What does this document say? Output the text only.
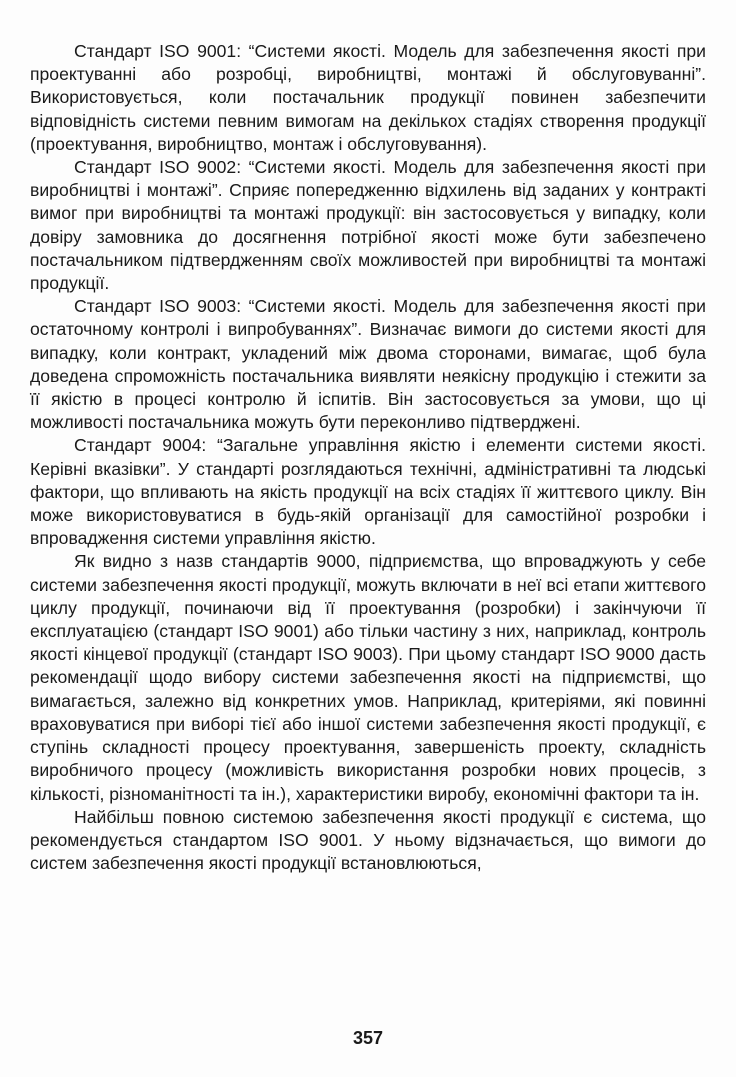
Стандарт ISO 9001: “Системи якості. Модель для забезпечення якості при проектуванні або розробці, виробництві, монтажі й обслуговуванні”. Використовується, коли постачальник продукції повинен забезпечити відповідність системи певним вимогам на декількох стадіях створення продукції (проектування, виробництво, монтаж і обслуговування).

Стандарт ISO 9002: “Системи якості. Модель для забезпечення якості при виробництві і монтажі”. Сприяє попередженню відхилень від заданих у контракті вимог при виробництві та монтажі продукції: він застосовується у випадку, коли довіру замовника до досягнення потрібної якості може бути забезпечено постачальником підтвердженням своїх можливостей при виробництві та монтажі продукції.

Стандарт ISO 9003: “Системи якості. Модель для забезпечення якості при остаточному контролі і випробуваннях”. Визначає вимоги до системи якості для випадку, коли контракт, укладений між двома сторонами, вимагає, щоб була доведена спроможність постачальника виявляти неякісну продукцію і стежити за її якістю в процесі контролю й іспитів. Він застосовується за умови, що ці можливості постачальника можуть бути переконливо підтверджені.

Стандарт 9004: “Загальне управління якістю і елементи системи якості. Керівні вказівки”. У стандарті розглядаються технічні, адміністративні та людські фактори, що впливають на якість продукції на всіх стадіях її життєвого циклу. Він може використовуватися в будь-якій організації для самостійної розробки і впровадження системи управління якістю.

Як видно з назв стандартів 9000, підприємства, що впроваджують у себе системи забезпечення якості продукції, можуть включати в неї всі етапи життєвого циклу продукції, починаючи від її проектування (розробки) і закінчуючи її експлуатацією (стандарт ISO 9001) або тільки частину з них, наприклад, контроль якості кінцевої продукції (стандарт ISO 9003). При цьому стандарт ISO 9000 дасть рекомендації щодо вибору системи забезпечення якості на підприємстві, що вимагається, залежно від конкретних умов. Наприклад, критеріями, які повинні враховуватися при виборі тієї або іншої системи забезпечення якості продукції, є ступінь складності процесу проектування, завершеність проекту, складність виробничого процесу (можливість використання розробки нових процесів, з кількості, різноманітності та ін.), характеристики виробу, економічні фактори та ін.

Найбільш повною системою забезпечення якості продукції є система, що рекомендується стандартом ISO 9001. У ньому відзначається, що вимоги до систем забезпечення якості продукції встановлюються,

357
